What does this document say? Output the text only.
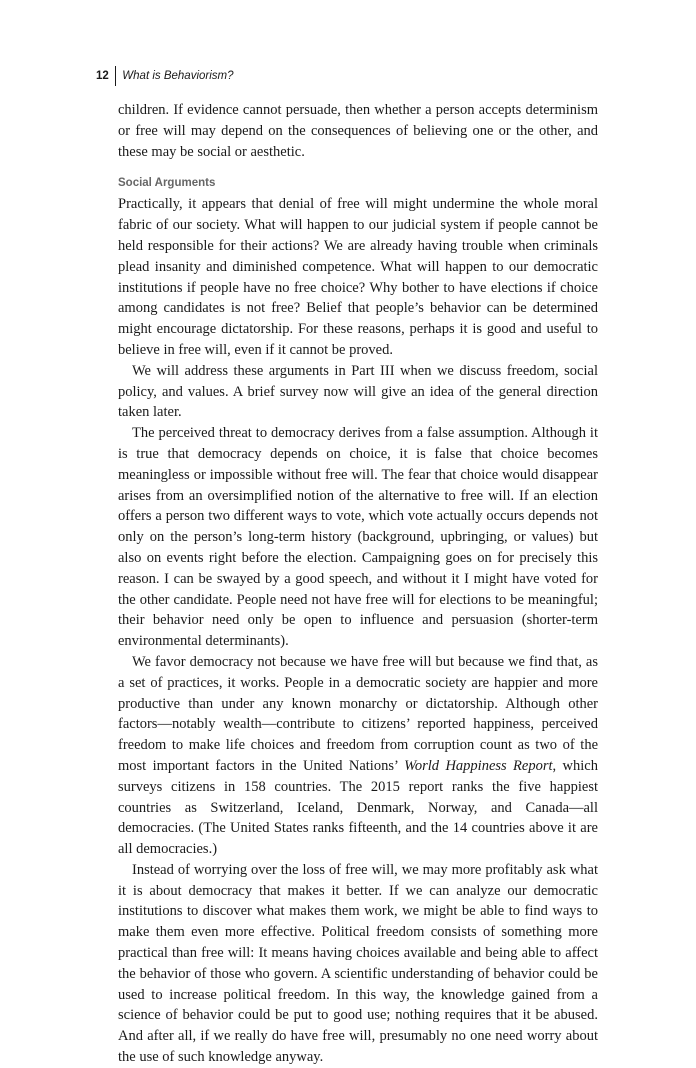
12	What is Behaviorism?

children. If evidence cannot persuade, then whether a person accepts determinism or free will may depend on the consequences of believing one or the other, and these may be social or aesthetic.

Social Arguments

Practically, it appears that denial of free will might undermine the whole moral fabric of our society. What will happen to our judicial system if people cannot be held responsible for their actions? We are already having trouble when criminals plead insanity and diminished competence. What will happen to our democratic institutions if people have no free choice? Why bother to have elections if choice among candidates is not free? Belief that people’s behavior can be determined might encourage dictatorship. For these reasons, perhaps it is good and useful to believe in free will, even if it cannot be proved.

We will address these arguments in Part III when we discuss freedom, social policy, and values. A brief survey now will give an idea of the general direction taken later.

The perceived threat to democracy derives from a false assumption. Although it is true that democracy depends on choice, it is false that choice becomes meaningless or impossible without free will. The fear that choice would disappear arises from an oversimplified notion of the alternative to free will. If an election offers a person two different ways to vote, which vote actually occurs depends not only on the person’s long-term history (background, upbringing, or values) but also on events right before the election. Campaigning goes on for precisely this reason. I can be swayed by a good speech, and without it I might have voted for the other candidate. People need not have free will for elections to be meaningful; their behavior need only be open to influence and persuasion (shorter-term environmental determinants).

We favor democracy not because we have free will but because we find that, as a set of practices, it works. People in a democratic society are happier and more productive than under any known monarchy or dictatorship. Although other factors—notably wealth—contribute to citizens’ reported happiness, perceived freedom to make life choices and freedom from corruption count as two of the most important factors in the United Nations’ World Happiness Report, which surveys citizens in 158 countries. The 2015 report ranks the five happiest countries as Switzerland, Iceland, Denmark, Norway, and Canada—all democracies. (The United States ranks fifteenth, and the 14 countries above it are all democracies.)

Instead of worrying over the loss of free will, we may more profitably ask what it is about democracy that makes it better. If we can analyze our democratic institutions to discover what makes them work, we might be able to find ways to make them even more effective. Political freedom consists of something more practical than free will: It means having choices available and being able to affect the behavior of those who govern. A scientific understanding of behavior could be used to increase political freedom. In this way, the knowledge gained from a science of behavior could be put to good use; nothing requires that it be abused. And after all, if we really do have free will, presumably no one need worry about the use of such knowledge anyway.
